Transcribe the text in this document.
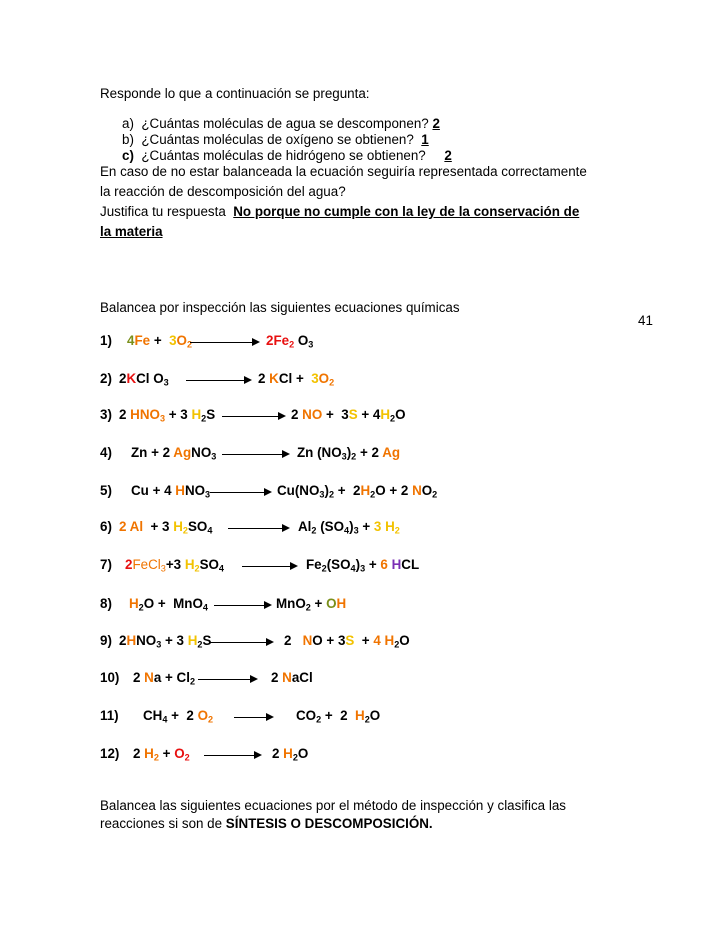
Responde lo que a continuación se pregunta:
a) ¿Cuántas moléculas de agua se descomponen? 2
b) ¿Cuántas moléculas de oxígeno se obtienen? 1
c) ¿Cuántas moléculas de hidrógeno se obtienen? 2
En caso de no estar balanceada la ecuación seguiría representada correctamente
la reacción de descomposición del agua?
Justifica tu respuesta No porque no cumple con la ley de la conservación de
la materia
Balancea por inspección las siguientes ecuaciones químicas
41
1) $4Fe + 3O_2$	$2Fe_2$ $O_3$
2) 2KCl $O_3$	2 KCl +  $3O_2$
3) 2 $HNO_3 + 3$ $H_2S$	2 NO +  $3S + 4H_2O$
4) Zn + 2 AgNO$_3$	Zn $(NO_3)_2 + 2$ Ag
5) Cu + 4 $HNO_3$	$Cu(NO_3)_2 + 2H_2O + 2$ $NO_2$
6) 2 Al  + 3 $H_2SO_4$	$Al_2$ $(SO_4)_3 + 3$ $H_2$
7) 2FeCl$_3$+3 $H_2SO_4$	$Fe_2(SO_4)_3 + 6$ HCL
8) $H_2O + MnO_4$	MnO$_2$ + OH
9) $2HNO_3 + 3$ $H_2S$	2   NO + 3S  + 4 $H_2O$
10) 2 $Na + Cl_2$	2 NaCl
11) $CH_4 + 2$ $O_2$	$CO_2 + 2$  $H_2O$
12) 2 $H_2 + O_2$	2 $H_2O$
Balancea las siguientes ecuaciones por el método de inspección y clasifica las
reacciones si son de SÍNTESIS O DESCOMPOSICIÓN.
